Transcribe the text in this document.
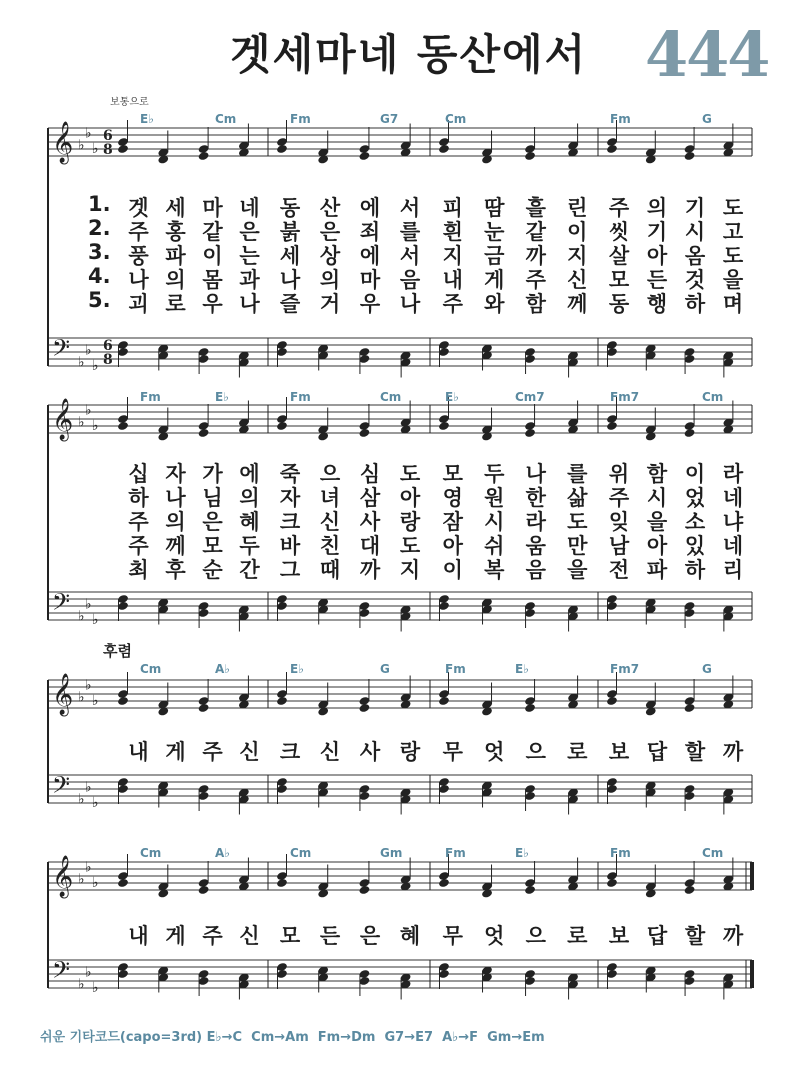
겟세마네 동산에서 444
보통으로
후렴
쉬운 기타코드(capo=3rd) E♭→C  Cm→Am  Fm→Dm  G7→E7  A♭→F  Gm→Em
𝄞
𝄢
♭
♭
♭
♭
♭
♭
6
6
8
8
𝄞
𝄢
♭
♭
♭
♭
♭
♭
𝄞
𝄢
♭
♭
♭
♭
♭
♭
𝄞
𝄢
♭
♭
♭
♭
♭
♭
E♭	Cm	Fm	G7	Cm	Fm	G
1. 겟 세 마 네 동 산 에 서 피 땀 흘 린 주 의 기 도
2. 주 홍 같 은 붉 은 죄 를 흰 눈 같 이 씻 기 시 고
3. 풍 파 이 는 세 상 에 서 지 금 까 지 살 아 옴 도
4. 나 의 몸 과 나 의 마 음 내 게 주 신 모 든 것 을
5. 괴 로 우 나 즐 거 우 나 주 와 함 께 동 행 하 며
Fm	E♭	Fm	Cm	E♭	Cm7	Fm7	Cm
십 자 가 에 죽 으 심 도 모 두 나 를 위 함 이 라
하 나 님 의 자 녀 삼 아 영 원 한 삶 주 시 었 네
주 의 은 혜 크 신 사 랑 잠 시 라 도 잊 을 소 냐
주 께 모 두 바 친 대 도 아 쉬 움 만 남 아 있 네
최 후 순 간 그 때 까 지 이 복 음 을 전 파 하 리
Cm	A♭	E♭	G	Fm	E♭	Fm7	G
내 게 주 신 크 신 사 랑 무 엇 으 로 보 답 할 까
Cm	A♭	Cm	Gm	Fm	E♭	Fm	Cm
내 게 주 신 모 든 은 혜 무 엇 으 로 보 답 할 까
